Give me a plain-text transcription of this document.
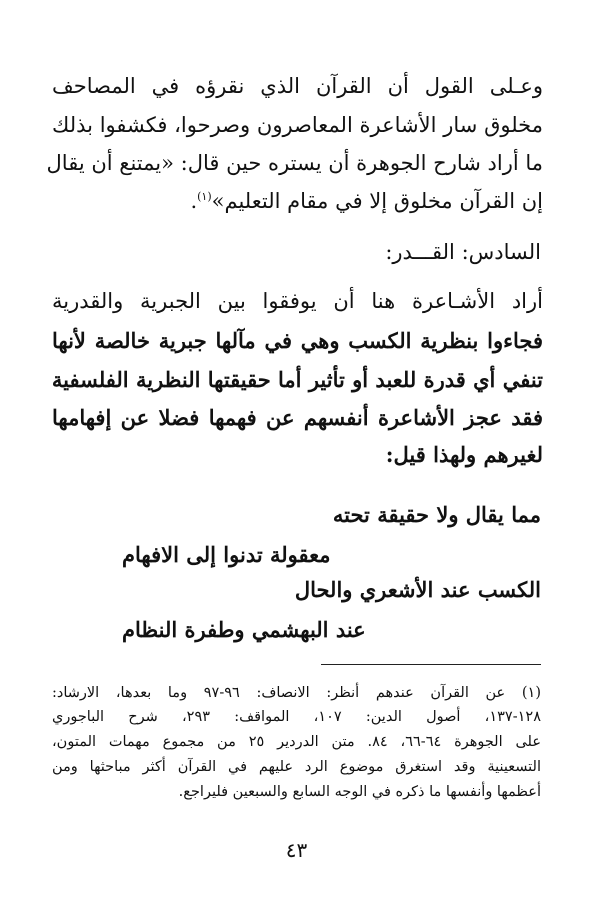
وعـلى القول أن القرآن الذي نقرؤه في المصاحف
مخلوق سار الأشاعرة المعاصرون وصرحوا، فكشفوا بذلك
ما أراد شارح الجوهرة أن يستره حين قال: «يمتنع أن يقال
إن القرآن مخلوق إلا في مقام التعليم»$^{(١)}$.
السادس: القـــدر:
أراد الأشـاعرة هنا أن يوفقوا بين الجبرية والقدرية
فجاءوا بنظرية الكسب وهي في مآلها جبرية خالصة لأنها
تنفي أي قدرة للعبد أو تأثير أما حقيقتها النظرية الفلسفية
فقد عجز الأشاعرة أنفسهم عن فهمها فضلا عن إفهامها
لغيرهم ولهذا قيل:
مما يقال ولا حقيقة تحته
معقولة تدنوا إلى الافهام
الكسب عند الأشعري والحال
عند البهشمي وطفرة النظام
(١) عن القرآن عندهم أنظر: الانصاف: ٩٦-٩٧ وما بعدها، الارشاد:
١٢٨-١٣٧، أصول الدين: ١٠٧، المواقف: ٢٩٣، شرح الباجوري
على الجوهرة ٦٤-٦٦، ٨٤. متن الدردير ٢٥ من مجموع مهمات المتون،
التسعينية وقد استغرق موضوع الرد عليهم في القرآن أكثر مباحثها ومن
أعظمها وأنفسها ما ذكره في الوجه السابع والسبعين فليراجع.
٤٣
